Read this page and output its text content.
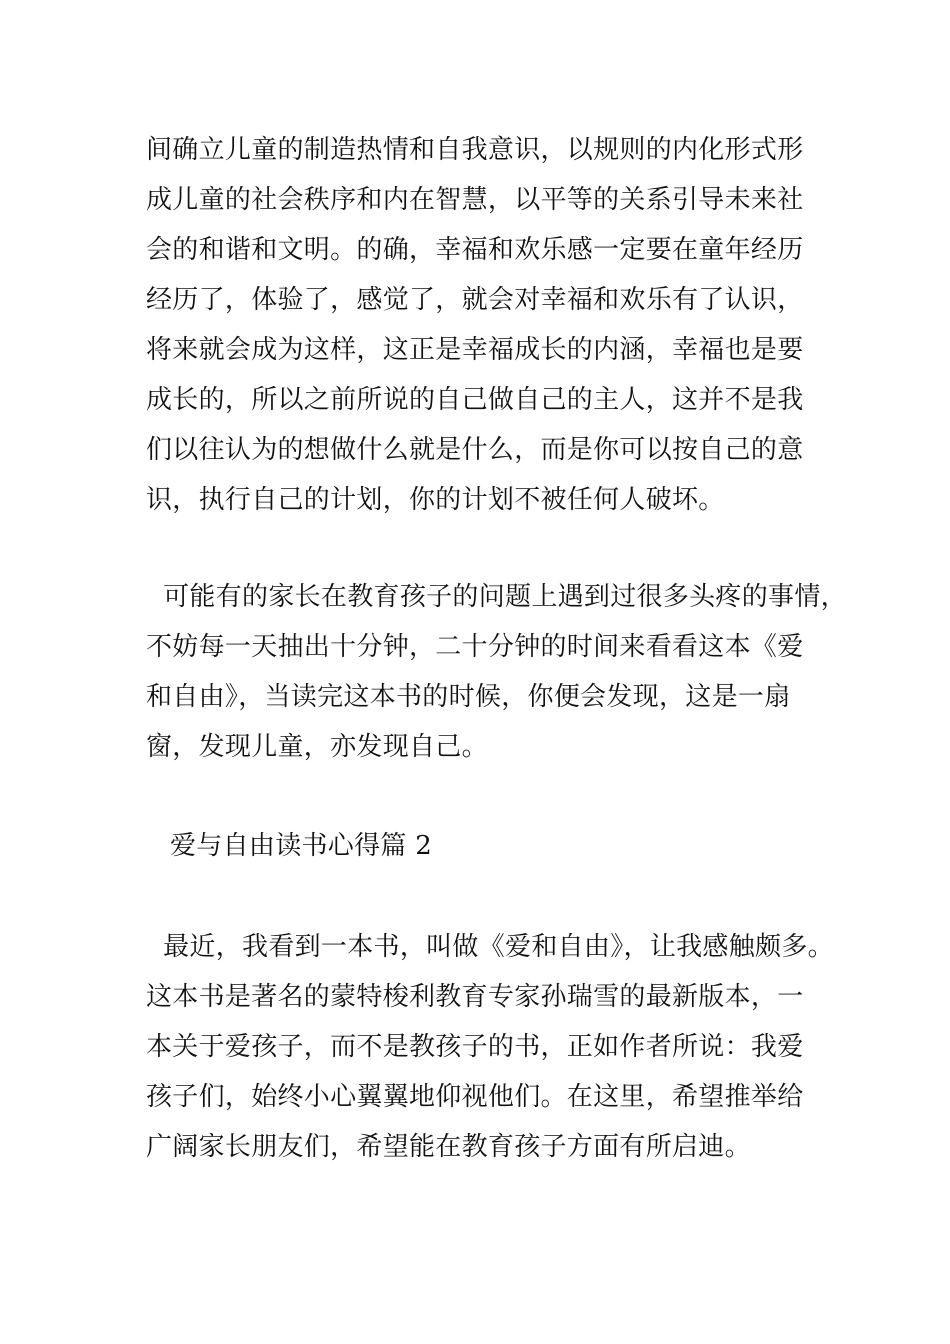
间确立儿童的制造热情和自我意识，以规则的内化形式形
成儿童的社会秩序和内在智慧，以平等的关系引导未来社
会的和谐和文明。的确，幸福和欢乐感一定要在童年经历
经历了，体验了，感觉了，就会对幸福和欢乐有了认识，
将来就会成为这样，这正是幸福成长的内涵，幸福也是要
成长的，所以之前所说的自己做自己的主人，这并不是我
们以往认为的想做什么就是什么，而是你可以按自己的意
识，执行自己的计划，你的计划不被任何人破坏。
可能有的家长在教育孩子的问题上遇到过很多头疼的事情，
不妨每一天抽出十分钟，二十分钟的时间来看看这本《爱
和自由》，当读完这本书的时候，你便会发现，这是一扇
窗，发现儿童，亦发现自己。
爱与自由读书心得篇 2
最近，我看到一本书，叫做《爱和自由》，让我感触颇多。
这本书是著名的蒙特梭利教育专家孙瑞雪的最新版本，一
本关于爱孩子，而不是教孩子的书，正如作者所说：我爱
孩子们，始终小心翼翼地仰视他们。在这里，希望推举给
广阔家长朋友们，希望能在教育孩子方面有所启迪。
